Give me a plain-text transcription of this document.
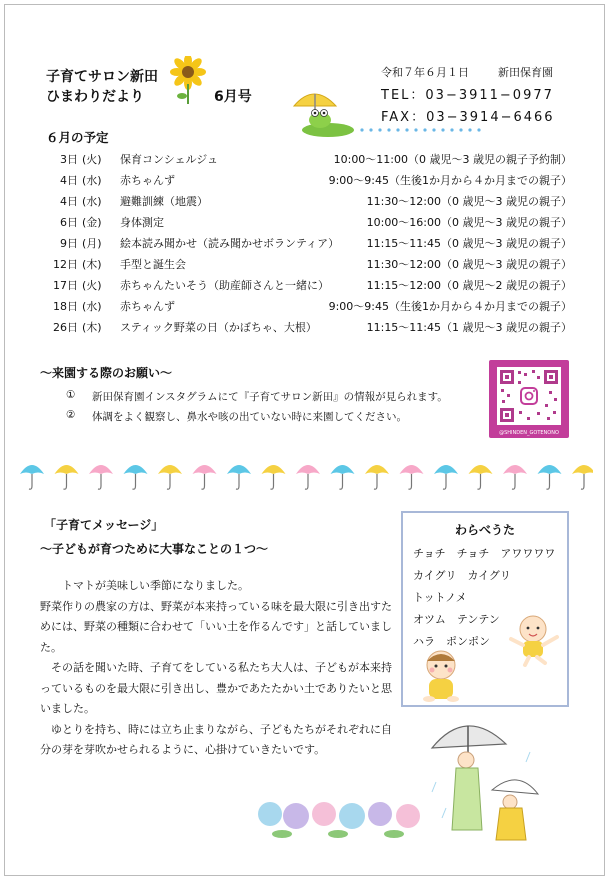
子育てサロン新田
ひまわりだより	6月号
令和７年６月１日	新田保育園
TEL：03−3911−0977
FAX：03−3914−6466
６月の予定
3日 (火) 保育コンシェルジュ	10:00〜11:00（0 歳児〜3 歳児の親子予約制）
4日 (水) 赤ちゃんず	9:00〜9:45（生後1か月から４か月までの親子）
4日 (水) 避難訓練（地震）	11:30〜12:00（0 歳児〜3 歳児の親子）
6日 (金) 身体測定	10:00〜16:00（0 歳児〜3 歳児の親子）
9日 (月) 絵本読み聞かせ（読み聞かせボランティア） 11:15〜11:45（0 歳児〜3 歳児の親子）
12日 (木) 手型と誕生会	11:30〜12:00（0 歳児〜3 歳児の親子）
17日 (火) 赤ちゃんたいそう（助産師さんと一緒に）	11:15〜12:00（0 歳児〜2 歳児の親子）
18日 (水) 赤ちゃんず	9:00〜9:45（生後1か月から４か月までの親子）
26日 (木) スティック野菜の日（かぼちゃ、大根）	11:15〜11:45（1 歳児〜3 歳児の親子）
〜来園する際のお願い〜
① 新田保育園インスタグラムにて『子育てサロン新田』の情報が見られます。
② 体調をよく観察し、鼻水や咳の出ていない時に来園してください。
@SHINDEN_GOTENONO
「子育てメッセージ」
〜子どもが育つために大事なことの１つ〜

トマトが美味しい季節になりました。

野菜作りの農家の方は、野菜が本来持っている味を最大限に引き出すためには、野菜の種類に合わせて「いい土を作るんです」と話していました。

その話を聞いた時、子育てをしている私たち大人は、子どもが本来持っているものを最大限に引き出し、豊かであたたかい土でありたいと思いました。

ゆとりを持ち、時には立ち止まりながら、子どもたちがそれぞれに自分の芽を芽吹かせられるように、心掛けていきたいです。

わらべうた
チョチ　チョチ　アワワワワ
カイグリ　カイグリ
トットノメ
オツム　テンテン
ハラ　ポンポン
